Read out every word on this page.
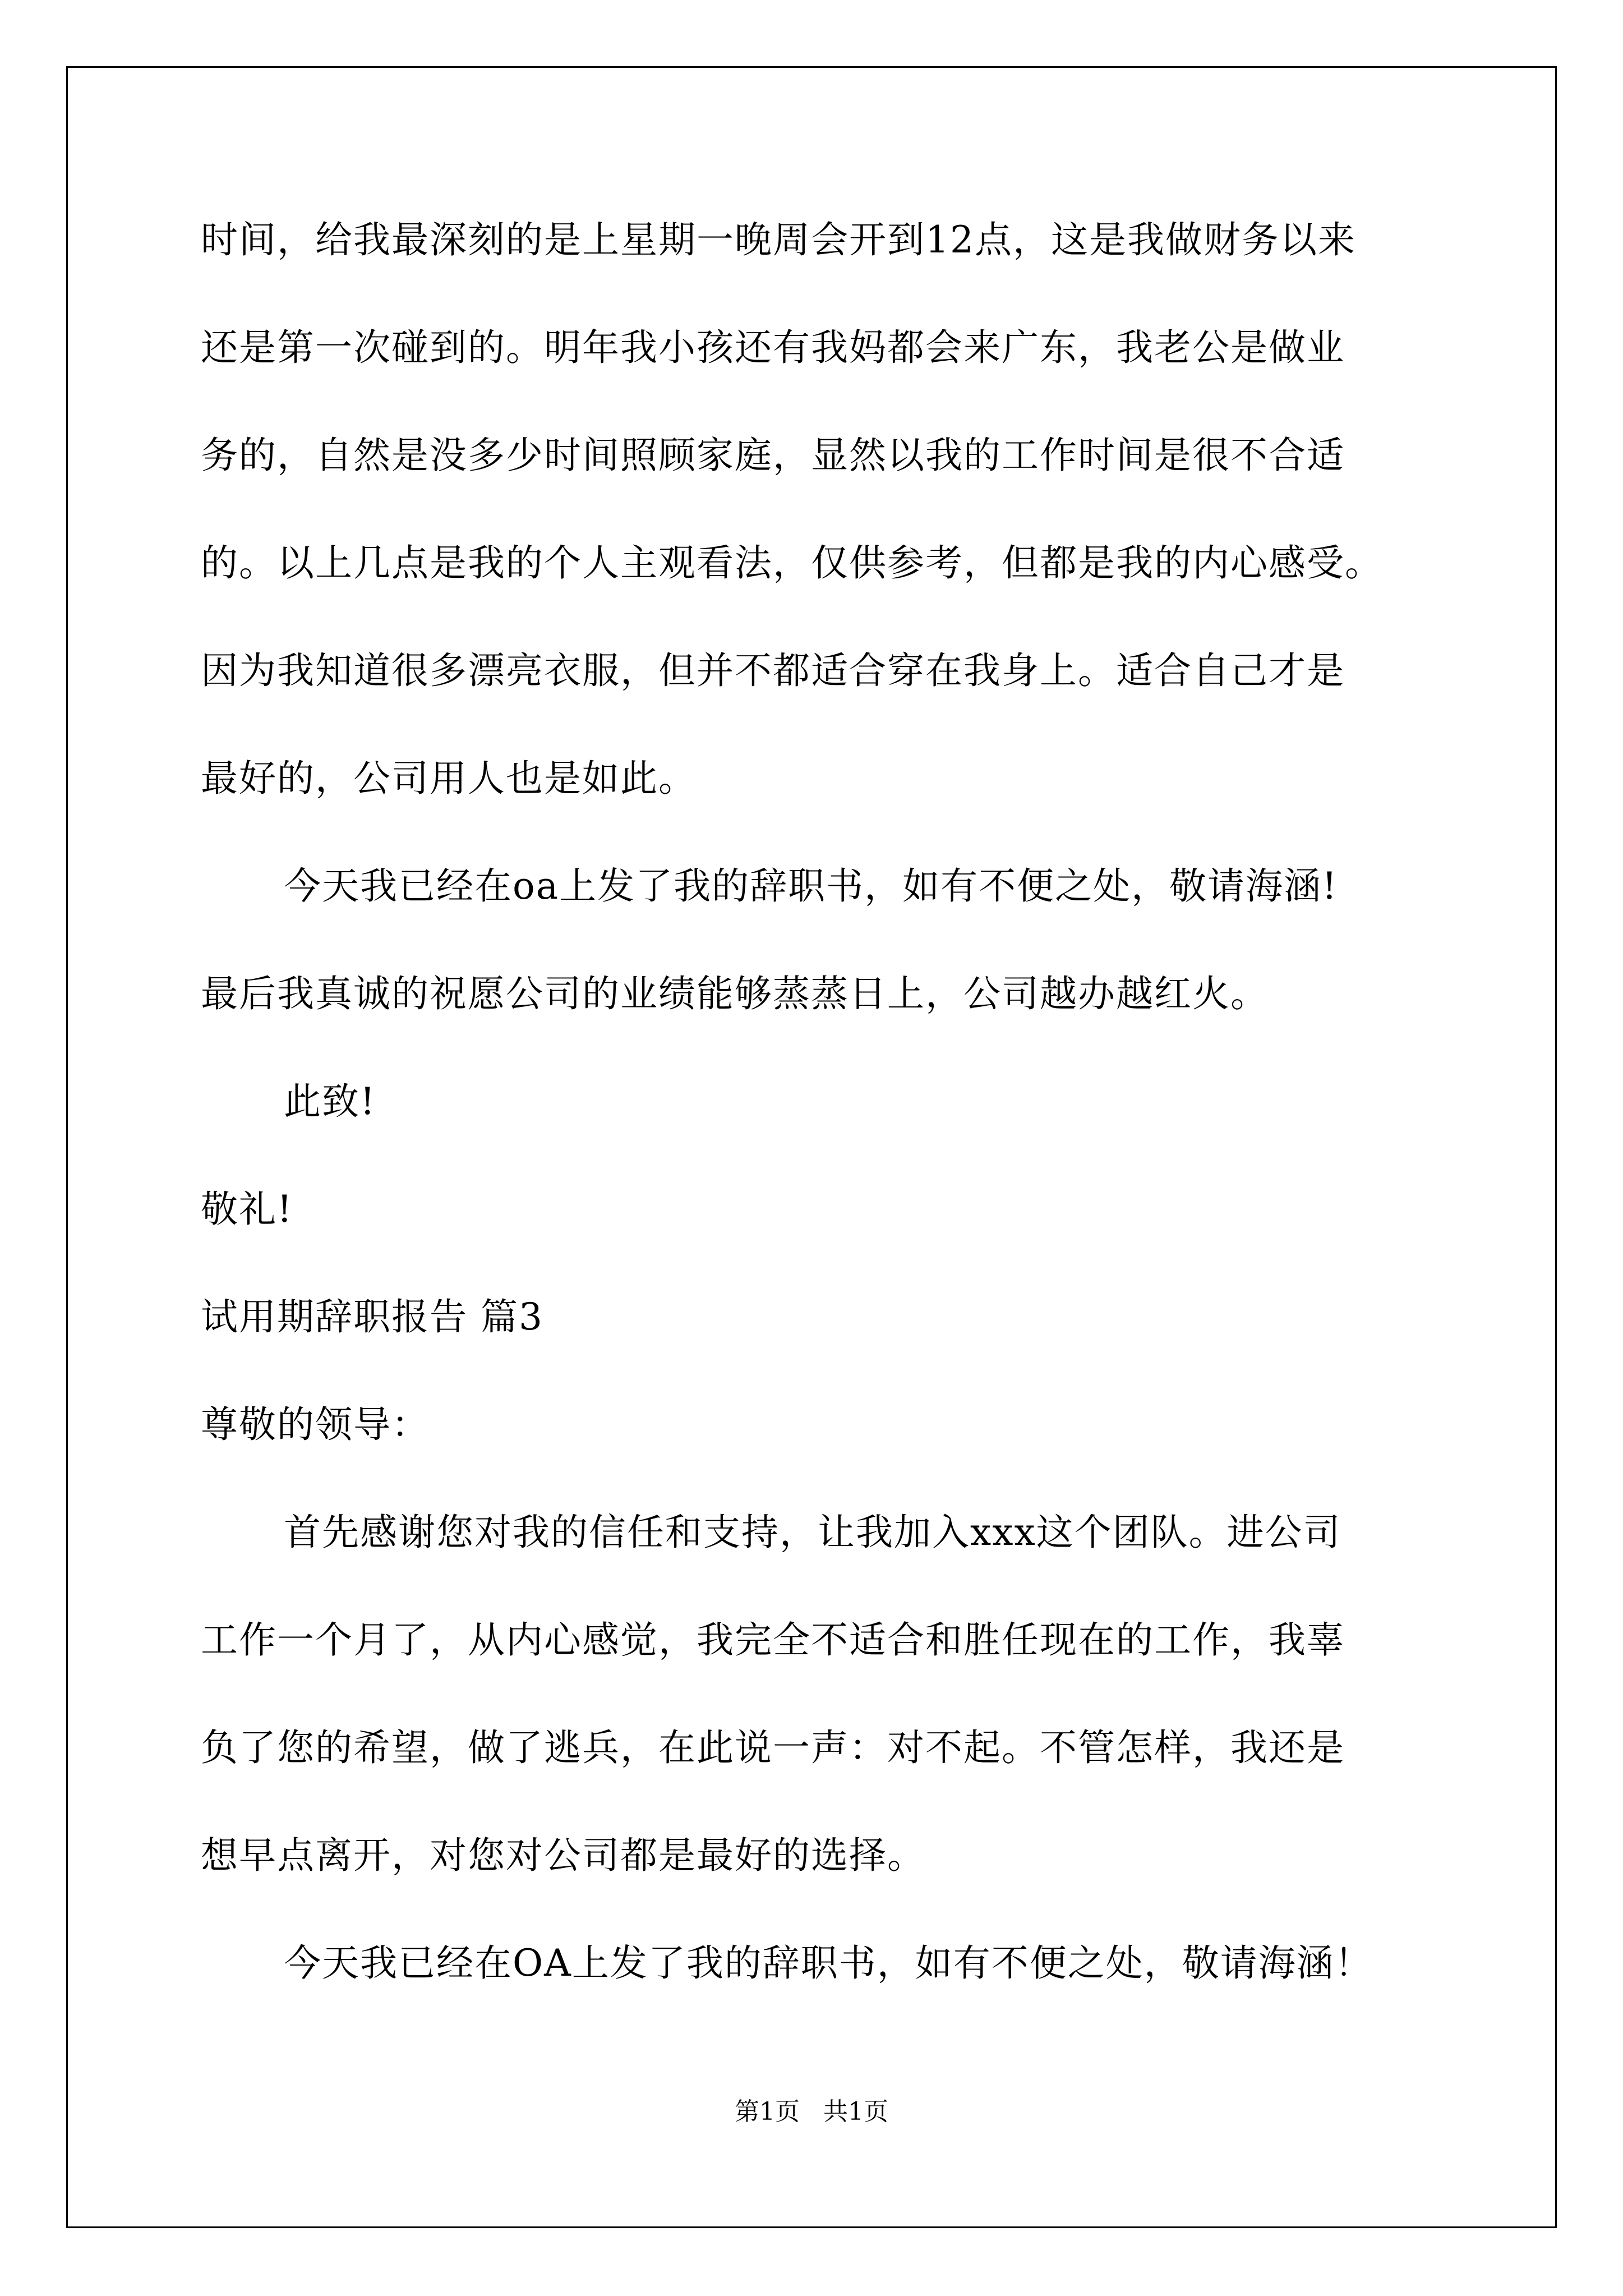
时间，给我最深刻的是上星期一晚周会开到12点，这是我做财务以来
还是第一次碰到的。明年我小孩还有我妈都会来广东，我老公是做业
务的，自然是没多少时间照顾家庭，显然以我的工作时间是很不合适
的。以上几点是我的个人主观看法，仅供参考，但都是我的内心感受。
因为我知道很多漂亮衣服，但并不都适合穿在我身上。适合自己才是
最好的，公司用人也是如此。
今天我已经在oa上发了我的辞职书，如有不便之处，敬请海涵!
最后我真诚的祝愿公司的业绩能够蒸蒸日上，公司越办越红火。
此致!
敬礼!
试用期辞职报告 篇3
尊敬的领导：
首先感谢您对我的信任和支持，让我加入xxx这个团队。进公司
工作一个月了，从内心感觉，我完全不适合和胜任现在的工作，我辜
负了您的希望，做了逃兵，在此说一声：对不起。不管怎样，我还是
想早点离开，对您对公司都是最好的选择。
今天我已经在OA上发了我的辞职书，如有不便之处，敬请海涵！
第1页   共1页
